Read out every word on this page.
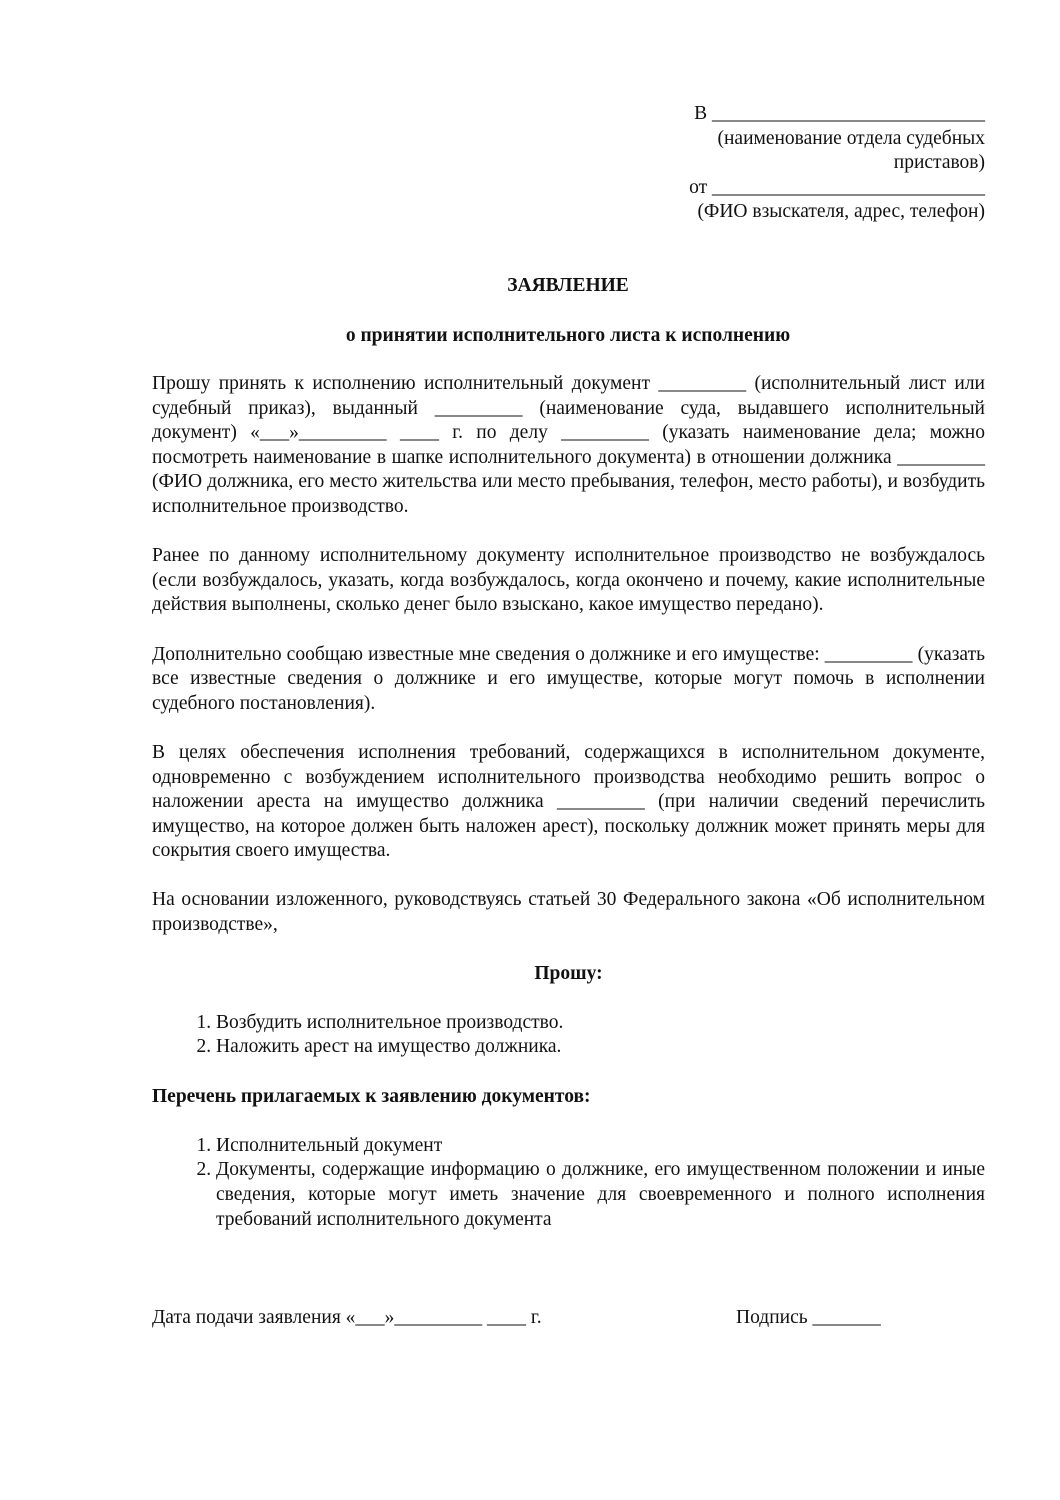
В ____________________________
(наименование отдела судебных
приставов)
от ____________________________
(ФИО взыскателя, адрес, телефон)
ЗАЯВЛЕНИЕ
о принятии исполнительного листа к исполнению

Прошу принять к исполнению исполнительный документ _________ (исполнительный лист или судебный приказ), выданный _________ (наименование суда, выдавшего исполнительный документ) «___»_________ ____ г. по делу _________ (указать наименование дела; можно посмотреть наименование в шапке исполнительного документа) в отношении должника _________ (ФИО должника, его место жительства или место пребывания, телефон, место работы), и возбудить исполнительное производство.

Ранее по данному исполнительному документу исполнительное производство не возбуждалось (если возбуждалось, указать, когда возбуждалось, когда окончено и почему, какие исполнительные действия выполнены, сколько денег было взыскано, какое имущество передано).

Дополнительно сообщаю известные мне сведения о должнике и его имуществе: _________ (указать все известные сведения о должнике и его имуществе, которые могут помочь в исполнении судебного постановления).

В целях обеспечения исполнения требований, содержащихся в исполнительном документе, одновременно с возбуждением исполнительного производства необходимо решить вопрос о наложении ареста на имущество должника _________ (при наличии сведений перечислить имущество, на которое должен быть наложен арест), поскольку должник может принять меры для сокрытия своего имущества.

На основании изложенного, руководствуясь статьей 30 Федерального закона «Об исполнительном производстве»,

Прошу:
1. Возбудить исполнительное производство.
2. Наложить арест на имущество должника.
Перечень прилагаемых к заявлению документов:
1. Исполнительный документ
2. Документы, содержащие информацию о должнике, его имущественном положении и иные сведения, которые могут иметь значение для своевременного и полного исполнения требований исполнительного документа
Дата подачи заявления «___»_________ ____ г.	Подпись _______
